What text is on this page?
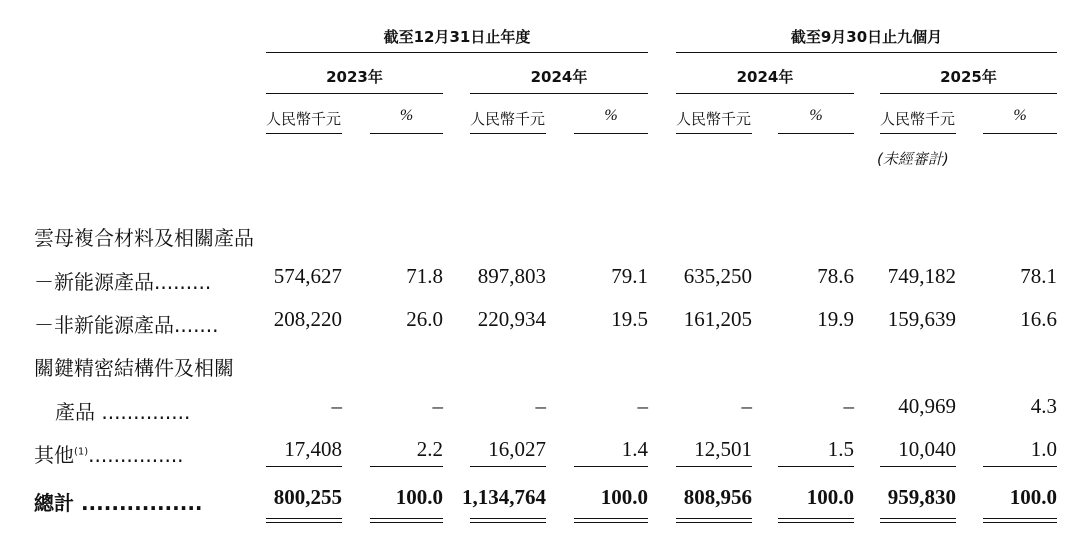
截至12月31日止年度	截至9月30日止九個月
2023年	2024年	2024年	2025年
人民幣千元	%	人民幣千元	%	人民幣千元	%	人民幣千元	%
(未經審計)
雲母複合材料及相關產品
－新能源產品.........	574,627	71.8	897,803	79.1	635,250	78.6	749,182	78.1
－非新能源產品.......	208,220	26.0	220,934	19.5	161,205	19.9	159,639	16.6
關鍵精密結構件及相關
產品 ..............	–	–	–	–	–	–	40,969	4.3
其他$^{(1)}$...............	17,408	2.2	16,027	1.4	12,501	1.5	10,040	1.0
總計 ................	800,255	100.0 1,134,764	100.0	808,956	100.0	959,830	100.0
